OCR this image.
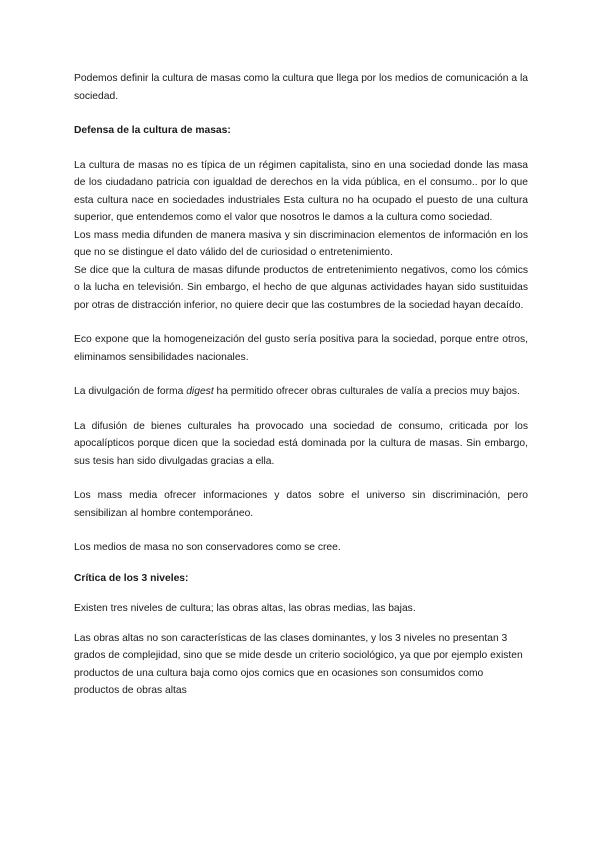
Podemos definir la cultura de masas como la cultura que llega por los medios de comunicación a la sociedad.

Defensa de la cultura de masas:

La cultura de masas no es típica de un régimen capitalista, sino en una sociedad donde las masa de los ciudadano patricia con igualdad de derechos en la vida pública, en el consumo.. por lo que esta cultura nace en sociedades industriales Esta cultura no ha ocupado el puesto de una cultura superior, que entendemos como el valor que nosotros le damos a la cultura como sociedad.

Los mass media difunden de manera masiva y sin discriminacion elementos de información en los que no se distingue el dato válido del de curiosidad o entretenimiento.

Se dice que la cultura de masas difunde productos de entretenimiento negativos, como los cómics o la lucha en televisión. Sin embargo, el hecho de que algunas actividades hayan sido sustituidas por otras de distracción inferior, no quiere decir que las costumbres de la sociedad hayan decaído.

Eco expone que la homogeneización del gusto sería positiva para la sociedad, porque entre otros, eliminamos sensibilidades nacionales.

La divulgación de forma digest ha permitido ofrecer obras culturales de valía a precios muy bajos.

La difusión de bienes culturales ha provocado una sociedad de consumo, criticada por los apocalípticos porque dicen que la sociedad está dominada por la cultura de masas. Sin embargo, sus tesis han sido divulgadas gracias a ella.

Los mass media ofrecer informaciones y datos sobre el universo sin discriminación, pero sensibilizan al hombre contemporáneo.

Los medios de masa no son conservadores como se cree.

Crítica de los 3 niveles:

Existen tres niveles de cultura; las obras altas, las obras medias, las bajas.

Las obras altas no son características de las clases dominantes, y los 3 niveles no presentan 3 grados de complejidad, sino que se mide desde un criterio sociológico, ya que por ejemplo existen productos de una cultura baja como ojos comics que en ocasiones son consumidos como productos de obras altas
